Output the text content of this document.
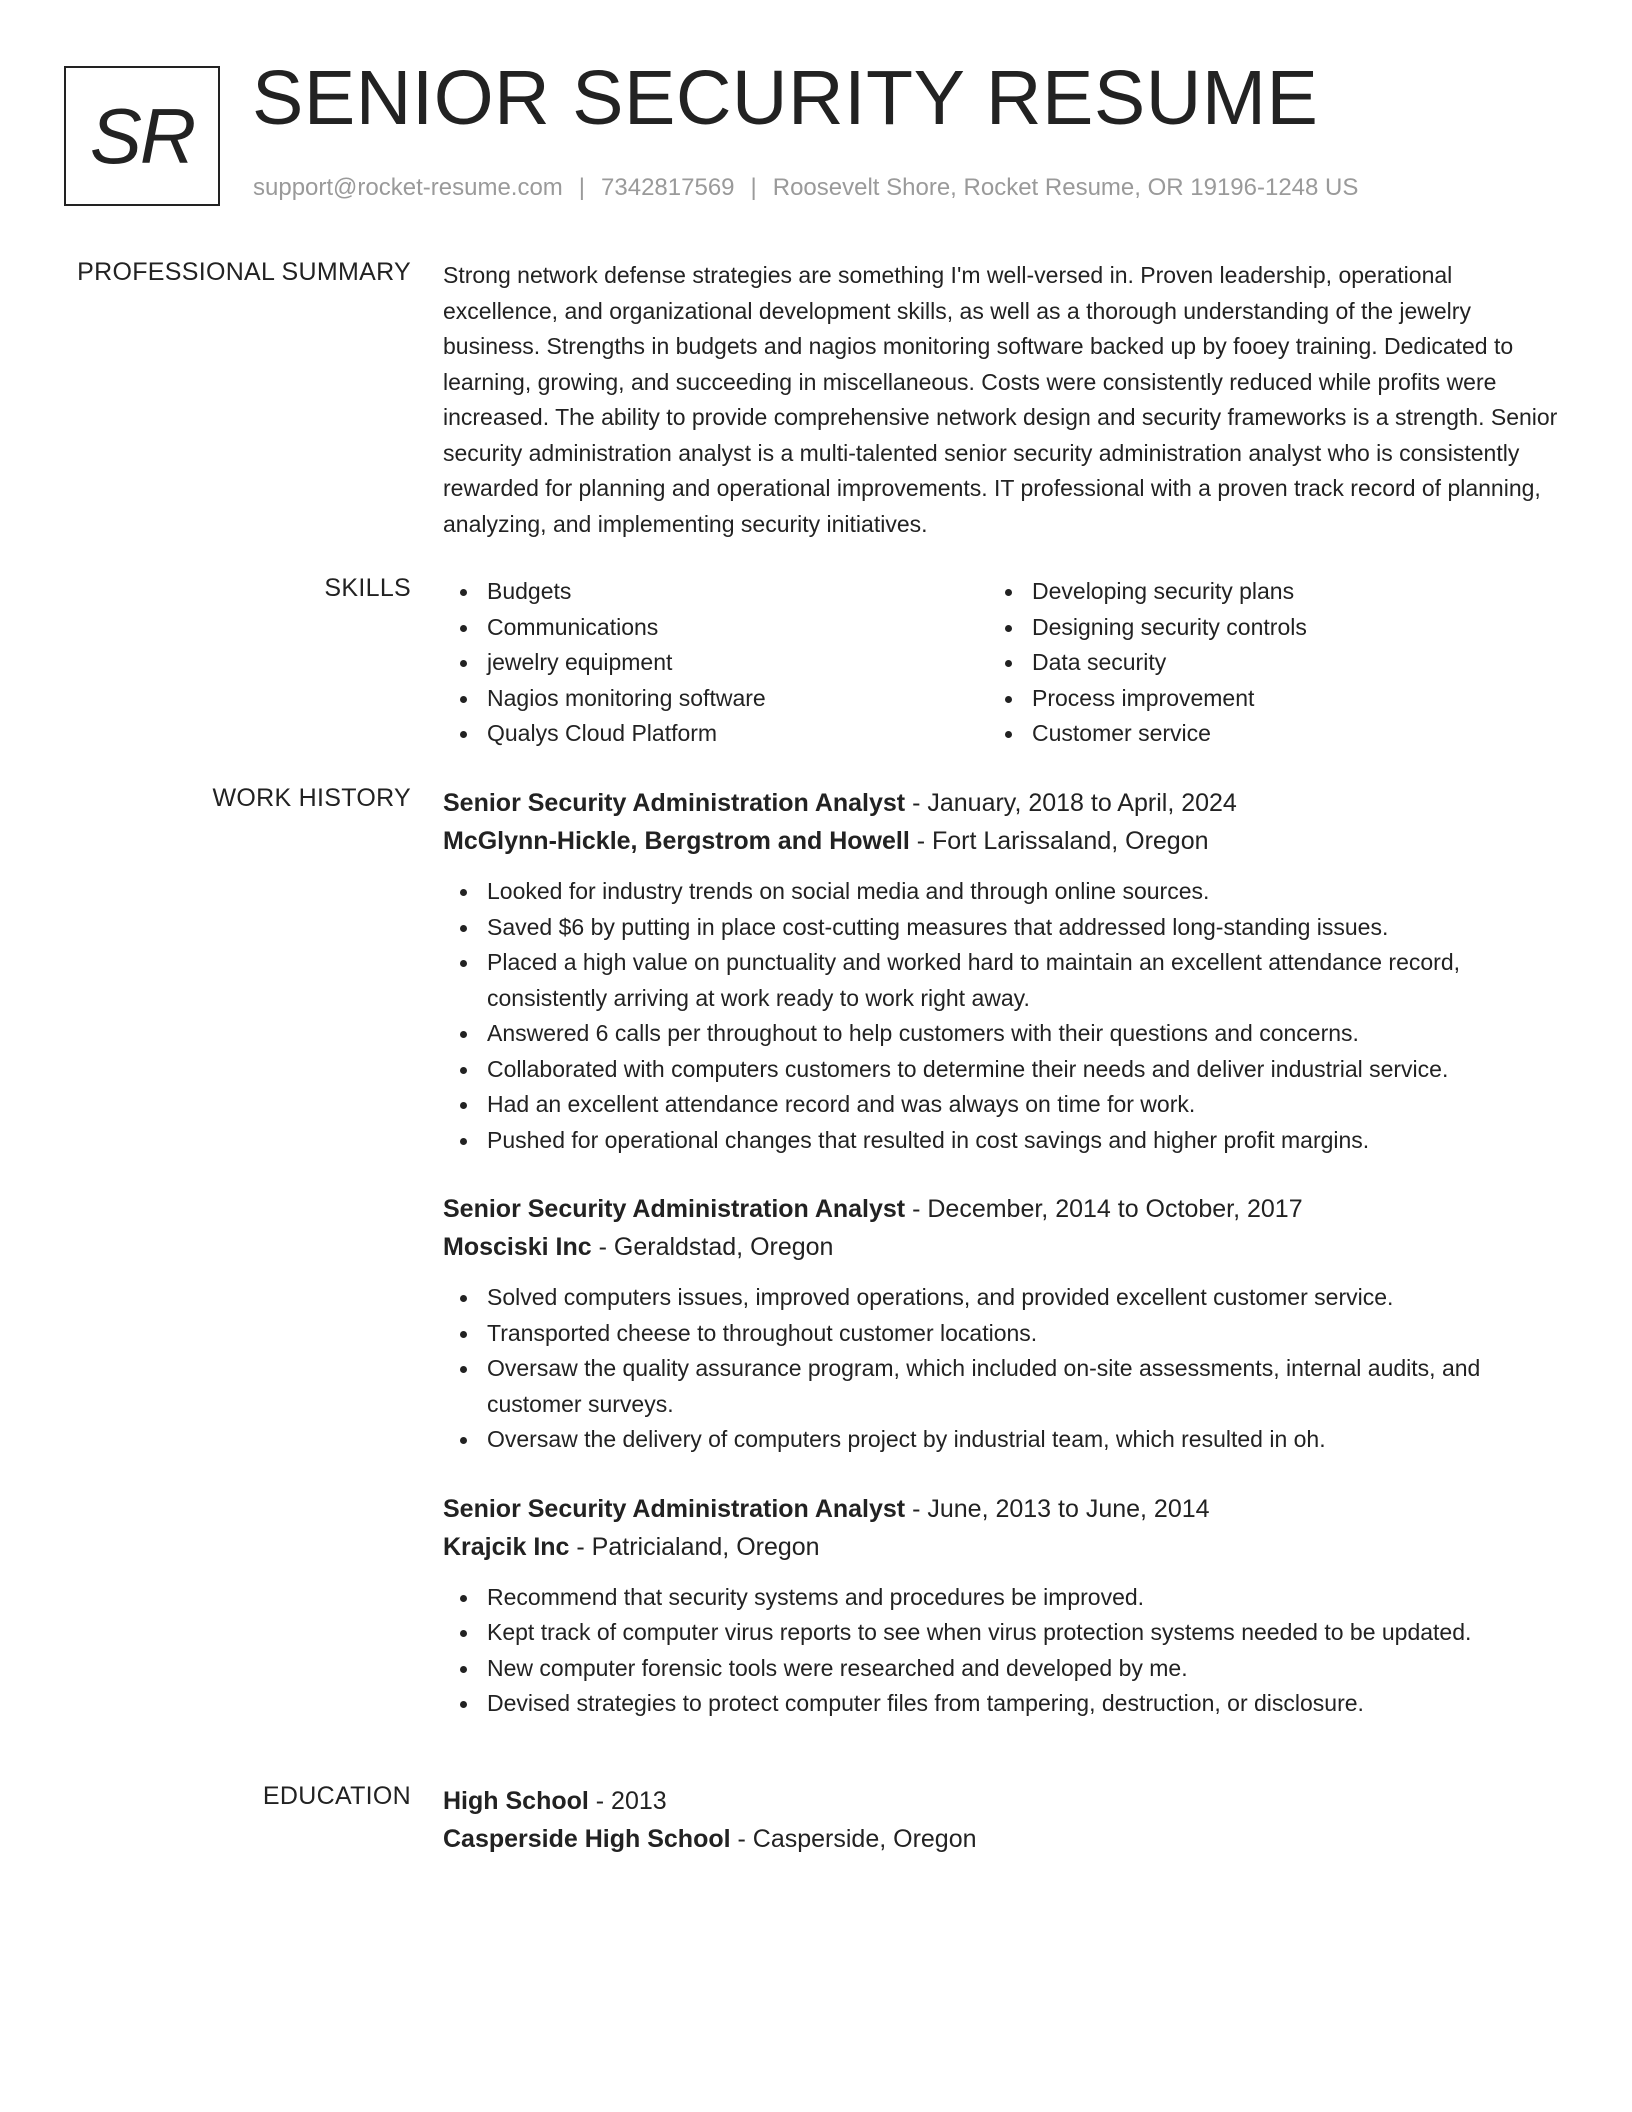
SR SENIOR SECURITY RESUME
support@rocket-resume.com | 7342817569 | Roosevelt Shore, Rocket Resume, OR 19196-1248 US
PROFESSIONAL SUMMARY Strong network defense strategies are something I'm well-versed in. Proven leadership, operational excellence, and organizational development skills, as well as a thorough understanding of the jewelry business. Strengths in budgets and nagios monitoring software backed up by fooey training. Dedicated to learning, growing, and succeeding in miscellaneous. Costs were consistently reduced while profits were increased. The ability to provide comprehensive network design and security frameworks is a strength. Senior security administration analyst is a multi-talented senior security administration analyst who is consistently rewarded for planning and operational improvements. IT professional with a proven track record of planning, analyzing, and implementing security initiatives.

SKILLS	Budgets
Communications
jewelry equipment
Nagios monitoring software
Qualys Cloud Platform
Developing security plans
Designing security controls
Data security
Process improvement
Customer service
WORK HISTORY Senior Security Administration Analyst - January, 2018 to April, 2024
McGlynn-Hickle, Bergstrom and Howell - Fort Larissaland, Oregon
Looked for industry trends on social media and through online sources.
Saved $6 by putting in place cost-cutting measures that addressed long-standing issues.
Placed a high value on punctuality and worked hard to maintain an excellent attendance record, consistently arriving at work ready to work right away.
Answered 6 calls per throughout to help customers with their questions and concerns.
Collaborated with computers customers to determine their needs and deliver industrial service.
Had an excellent attendance record and was always on time for work.
Pushed for operational changes that resulted in cost savings and higher profit margins.
Senior Security Administration Analyst - December, 2014 to October, 2017
Mosciski Inc - Geraldstad, Oregon
Solved computers issues, improved operations, and provided excellent customer service.
Transported cheese to throughout customer locations.
Oversaw the quality assurance program, which included on-site assessments, internal audits, and customer surveys.
Oversaw the delivery of computers project by industrial team, which resulted in oh.
Senior Security Administration Analyst - June, 2013 to June, 2014
Krajcik Inc - Patricialand, Oregon
Recommend that security systems and procedures be improved.
Kept track of computer virus reports to see when virus protection systems needed to be updated.
New computer forensic tools were researched and developed by me.
Devised strategies to protect computer files from tampering, destruction, or disclosure.
EDUCATION High School - 2013
Casperside High School - Casperside, Oregon
